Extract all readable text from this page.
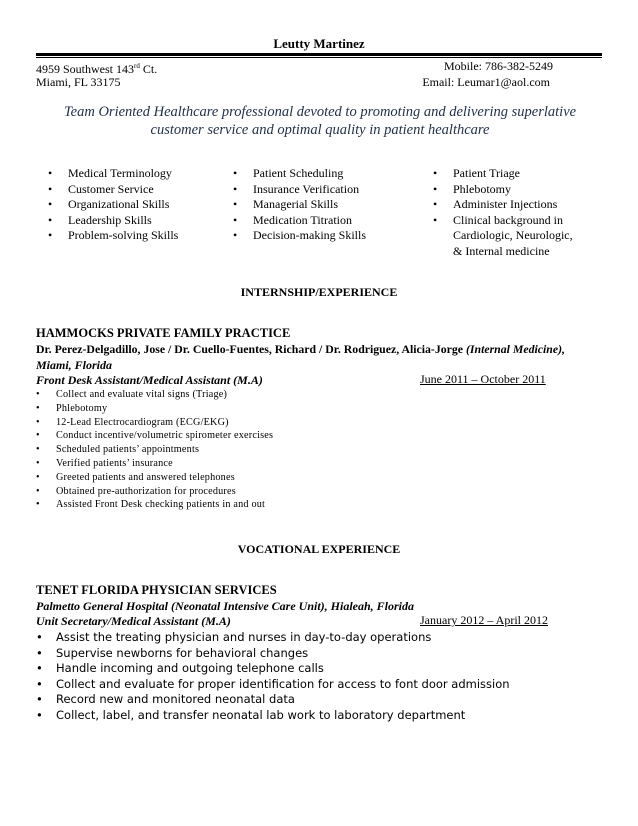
Leutty Martinez
4959 Southwest 143rd Ct.
Miami, FL 33175
Mobile: 786-382-5249
Email: Leumar1@aol.com
Team Oriented Healthcare professional devoted to promoting and delivering superlative customer service and optimal quality in patient healthcare
• Medical Terminology
• Customer Service
• Organizational Skills
• Leadership Skills
• Problem-solving Skills
• Patient Scheduling
• Insurance Verification
• Managerial Skills
• Medication Titration
• Decision-making Skills
• Patient Triage
• Phlebotomy
• Administer Injections
• Clinical background in Cardiologic, Neurologic, & Internal medicine
INTERNSHIP/EXPERIENCE
HAMMOCKS PRIVATE FAMILY PRACTICE
Dr. Perez-Delgadillo, Jose / Dr. Cuello-Fuentes, Richard / Dr. Rodriguez, Alicia-Jorge (Internal Medicine),
Miami, Florida
Front Desk Assistant/Medical Assistant (M.A)	June 2011 – October 2011
• Collect and evaluate vital signs (Triage)
• Phlebotomy
• 12-Lead Electrocardiogram (ECG/EKG)
• Conduct incentive/volumetric spirometer exercises
• Scheduled patients’ appointments
• Verified patients’ insurance
• Greeted patients and answered telephones
• Obtained pre-authorization for procedures
• Assisted Front Desk checking patients in and out
VOCATIONAL EXPERIENCE
TENET FLORIDA PHYSICIAN SERVICES
Palmetto General Hospital (Neonatal Intensive Care Unit), Hialeah, Florida
Unit Secretary/Medical Assistant (M.A)	January 2012 – April 2012
• Assist the treating physician and nurses in day-to-day operations
• Supervise newborns for behavioral changes
• Handle incoming and outgoing telephone calls
• Collect and evaluate for proper identification for access to font door admission
• Record new and monitored neonatal data
• Collect, label, and transfer neonatal lab work to laboratory department
